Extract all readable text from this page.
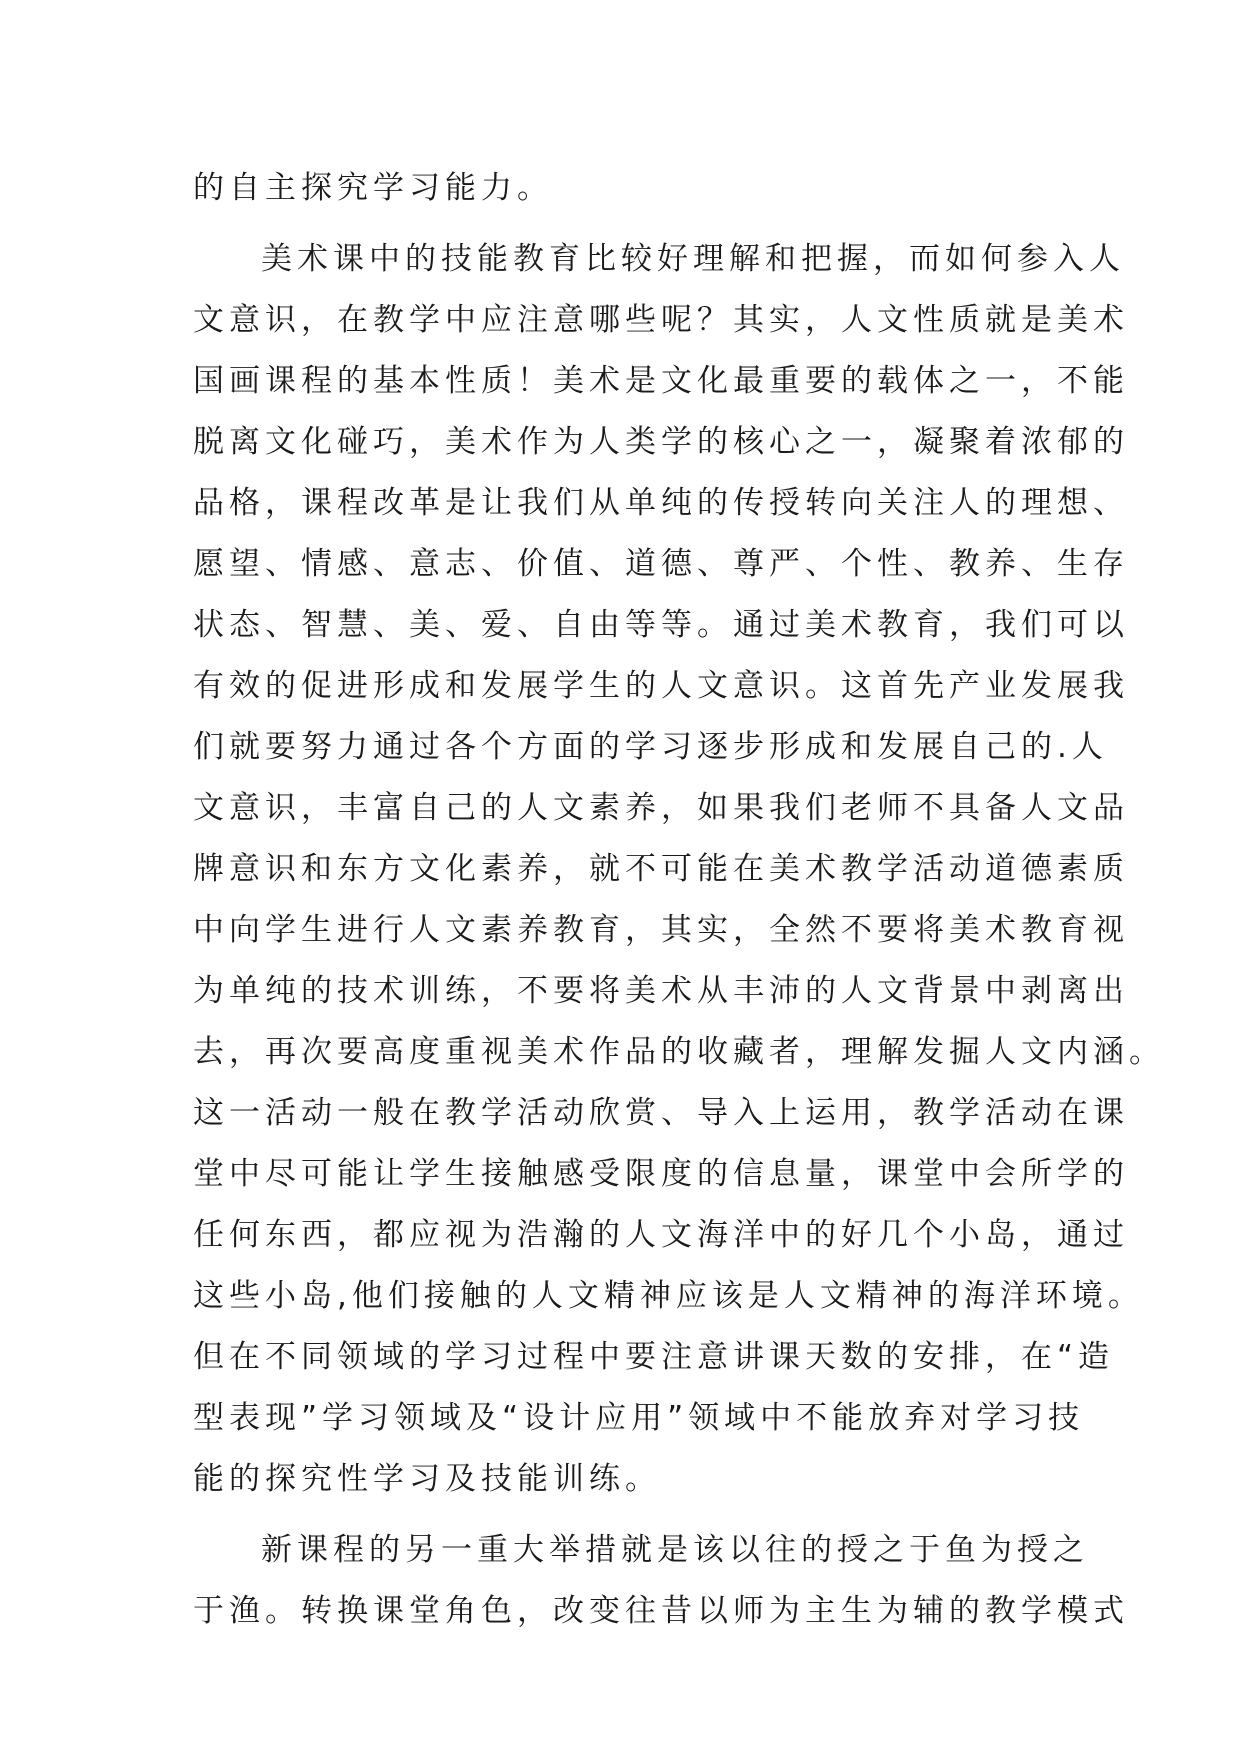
的自主探究学习能力。
美术课中的技能教育比较好理解和把握，而如何参入人
文意识，在教学中应注意哪些呢？其实，人文性质就是美术
国画课程的基本性质！美术是文化最重要的载体之一，不能
脱离文化碰巧，美术作为人类学的核心之一，凝聚着浓郁的
品格，课程改革是让我们从单纯的传授转向关注人的理想、
愿望、情感、意志、价值、道德、尊严、个性、教养、生存
状态、智慧、美、爱、自由等等。通过美术教育，我们可以
有效的促进形成和发展学生的人文意识。这首先产业发展我
们就要努力通过各个方面的学习逐步形成和发展自己的.人
文意识，丰富自己的人文素养，如果我们老师不具备人文品
牌意识和东方文化素养，就不可能在美术教学活动道德素质
中向学生进行人文素养教育，其实，全然不要将美术教育视
为单纯的技术训练，不要将美术从丰沛的人文背景中剥离出
去，再次要高度重视美术作品的收藏者，理解发掘人文内涵。
这一活动一般在教学活动欣赏、导入上运用，教学活动在课
堂中尽可能让学生接触感受限度的信息量，课堂中会所学的
任何东西，都应视为浩瀚的人文海洋中的好几个小岛，通过
这些小岛,他们接触的人文精神应该是人文精神的海洋环境。
但在不同领域的学习过程中要注意讲课天数的安排，在“造
型表现”学习领域及“设计应用”领域中不能放弃对学习技
能的探究性学习及技能训练。
新课程的另一重大举措就是该以往的授之于鱼为授之
于渔。转换课堂角色，改变往昔以师为主生为辅的教学模式
